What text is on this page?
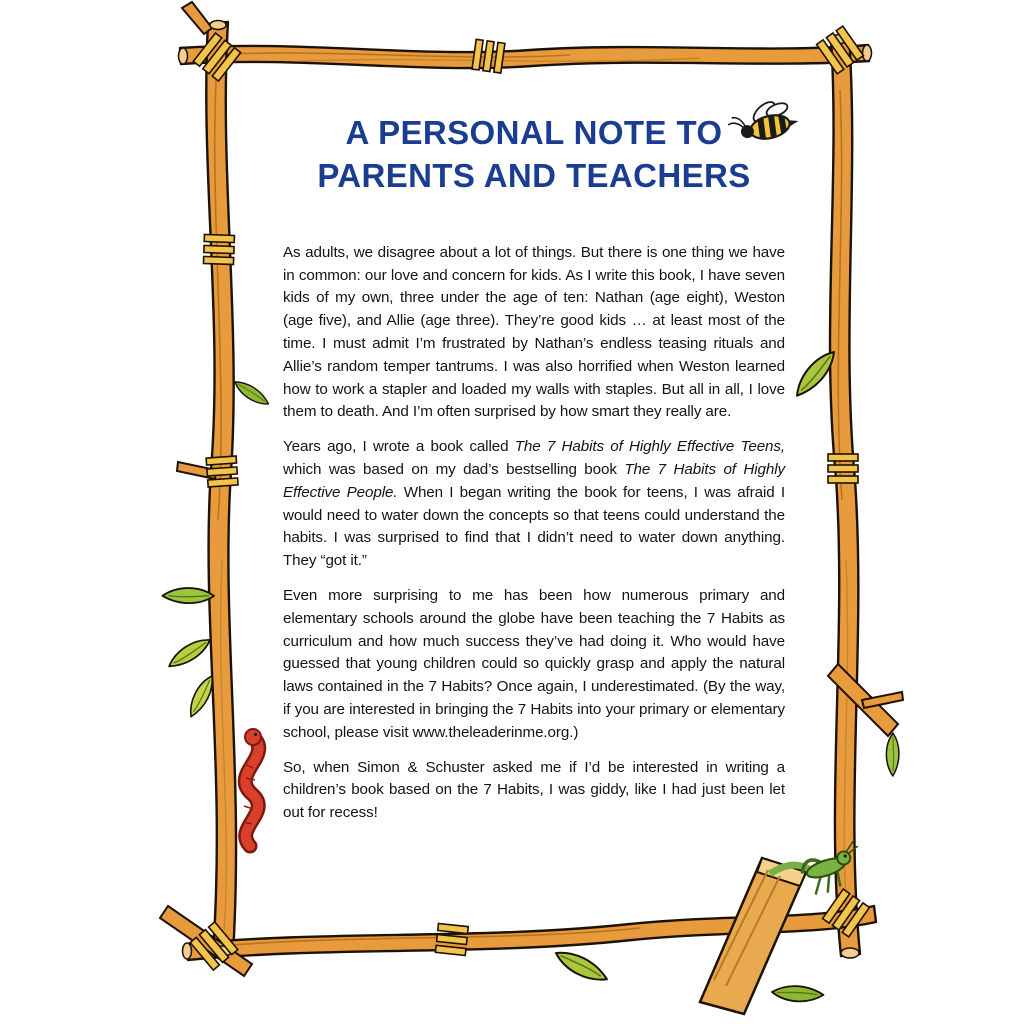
A PERSONAL NOTE TO
PARENTS AND TEACHERS

As adults, we disagree about a lot of things. But there is one thing we have in common: our love and concern for kids. As I write this book, I have seven kids of my own, three under the age of ten: Nathan (age eight), Weston (age five), and Allie (age three). They’re good kids … at least most of the time. I must admit I’m frustrated by Nathan’s endless teasing rituals and Allie’s random temper tantrums. I was also horrified when Weston learned how to work a stapler and loaded my walls with staples. But all in all, I love them to death. And I’m often surprised by how smart they really are.

Years ago, I wrote a book called The 7 Habits of Highly Effective Teens, which was based on my dad’s bestselling book The 7 Habits of Highly Effective People. When I began writing the book for teens, I was afraid I would need to water down the concepts so that teens could understand the habits. I was surprised to find that I didn’t need to water down anything. They “got it.”

Even more surprising to me has been how numerous primary and elementary schools around the globe have been teaching the 7 Habits as curriculum and how much success they’ve had doing it. Who would have guessed that young children could so quickly grasp and apply the natural laws contained in the 7 Habits? Once again, I underestimated. (By the way, if you are interested in bringing the 7 Habits into your primary or elementary school, please visit www.theleaderinme.org.)

So, when Simon & Schuster asked me if I’d be interested in writing a children’s book based on the 7 Habits, I was giddy, like I had just been let out for recess!
